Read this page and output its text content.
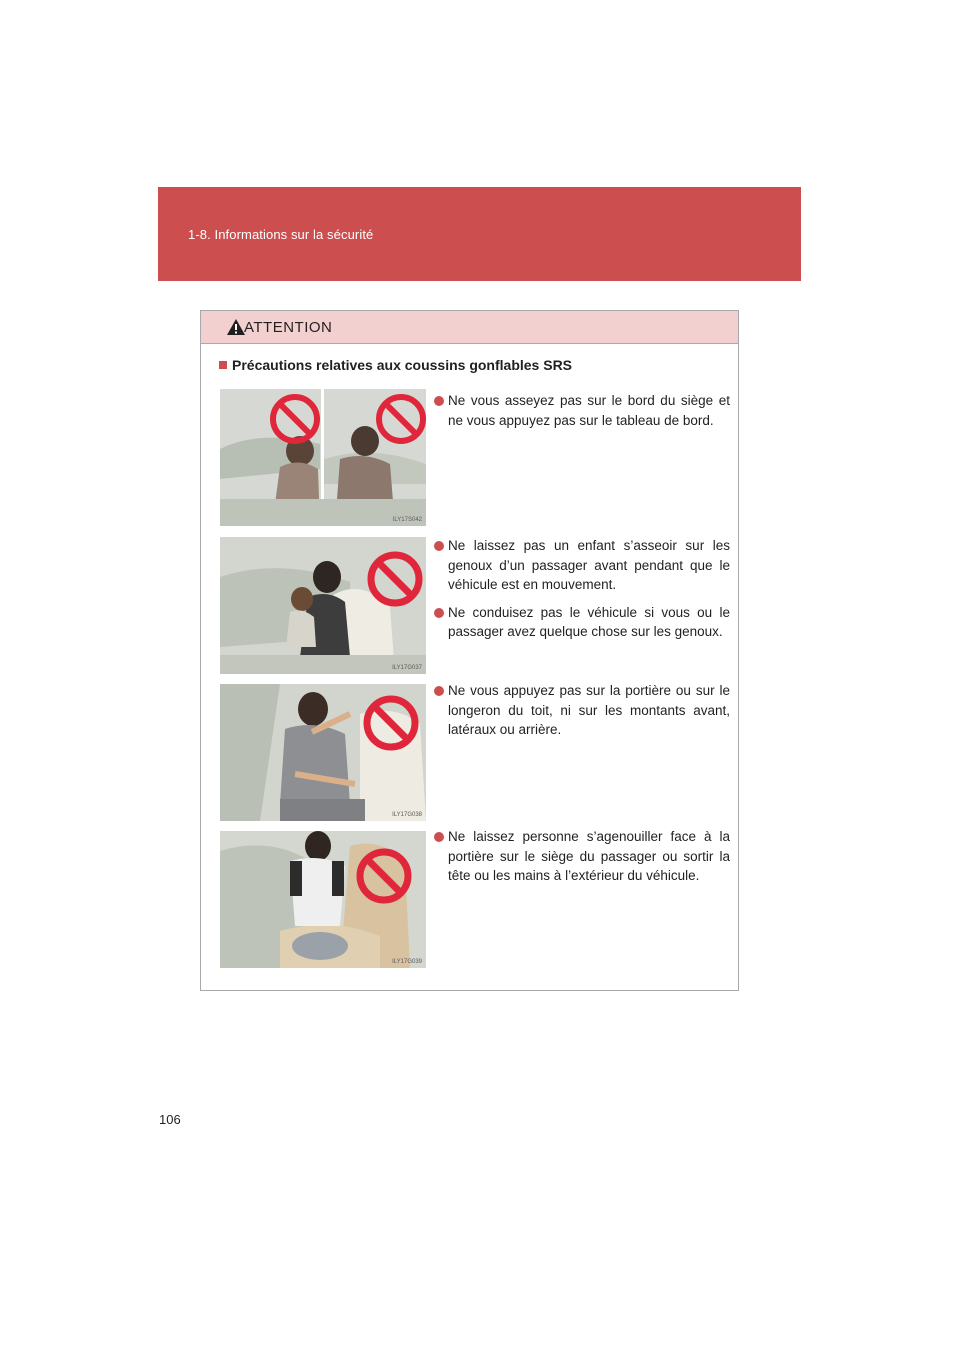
1-8. Informations sur la sécurité
ATTENTION
Précautions relatives aux coussins gonflables SRS
ILY17S042
ILY17G037
ILY17G038
ILY17G039
Ne vous asseyez pas sur le bord du siège et ne vous appuyez pas sur le tableau de bord.
Ne laissez pas un enfant s’asseoir sur les genoux d’un passager avant pendant que le véhicule est en mouvement.
Ne conduisez pas le véhicule si vous ou le passager avez quelque chose sur les genoux.
Ne vous appuyez pas sur la portière ou sur le longeron du toit, ni sur les montants avant, latéraux ou arrière.
Ne laissez personne s’agenouiller face à la portière sur le siège du passager ou sortir la tête ou les mains à l’extérieur du véhicule.
106
